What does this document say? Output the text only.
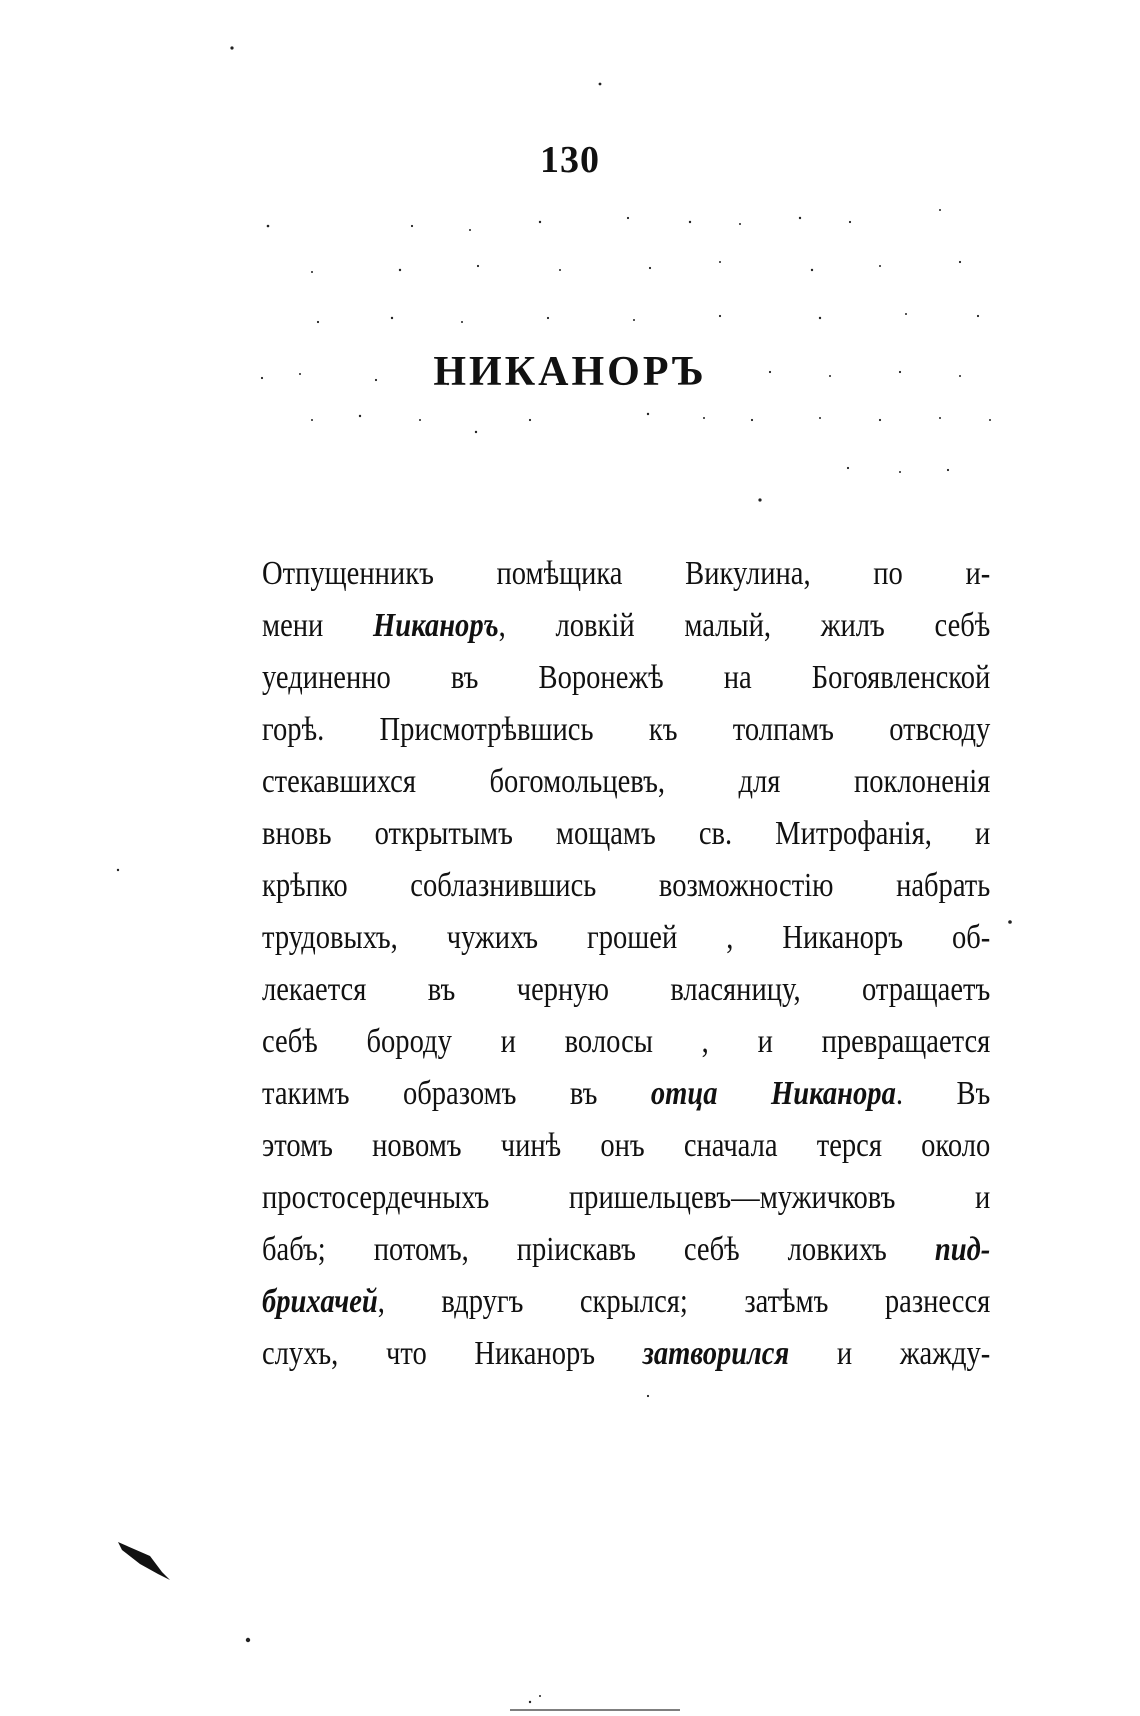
130
НИКАНОРЪ
Отпущенникъ помѣщика Викулина, по и-
мени Никаноръ, ловкій малый, жилъ себѣ
уединенно въ Воронежѣ на Богоявленской
горѣ. Присмотрѣвшись къ толпамъ отвсюду
стекавшихся богомольцевъ, для поклоненія
вновь открытымъ мощамъ св. Митрофанія, и
крѣпко соблазнившись возможностію набрать
трудовыхъ, чужихъ грошей , Никаноръ об-
лекается въ черную власяницу, отращаетъ
себѣ бороду и волосы , и превращается
такимъ образомъ въ отца Никанора. Въ
этомъ новомъ чинѣ онъ сначала терся около
простосердечныхъ пришельцевъ—мужичковъ и
бабъ; потомъ, пріискавъ себѣ ловкихъ пид-
брихачей, вдругъ скрылся; затѣмъ разнесся
слухъ, что Никаноръ затворился и жажду-
